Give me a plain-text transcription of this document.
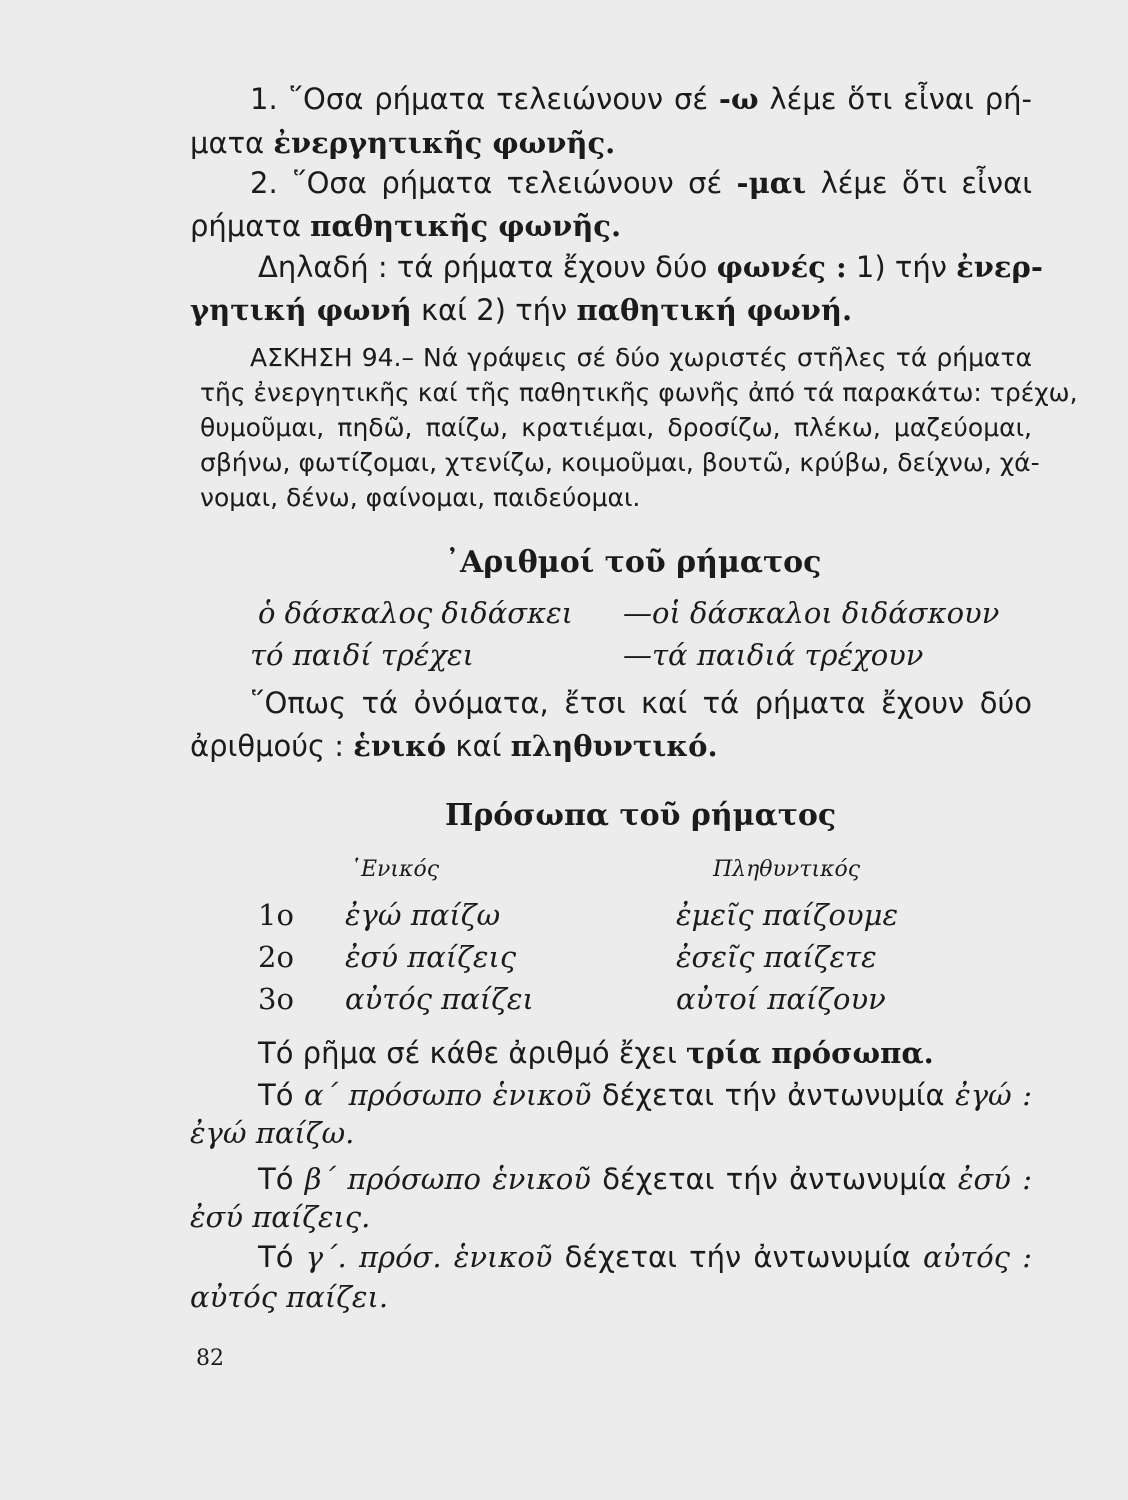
1. ῞Οσα ρήματα τελειώνουν σέ -ω λέμε ὅτι εἶναι ρή-
ματα ἐνεργητικῆς φωνῆς.
2. ῞Οσα ρήματα τελειώνουν σέ -μαι λέμε ὅτι εἶναι
ρήματα παθητικῆς φωνῆς.
Δηλαδή : τά ρήματα ἔχουν δύο φωνές : 1) τήν ἐνερ-
γητική φωνή καί 2) τήν παθητική φωνή.
ΑΣΚΗΣΗ 94.– Νά γράψεις σέ δύο χωριστές στῆλες τά ρήματα
τῆς ἐνεργητικῆς καί τῆς παθητικῆς φωνῆς ἀπό τά παρακάτω: τρέχω,
θυμοῦμαι, πηδῶ, παίζω, κρατιέμαι, δροσίζω, πλέκω, μαζεύομαι,
σβήνω, φωτίζομαι, χτενίζω, κοιμοῦμαι, βουτῶ, κρύβω, δείχνω, χά-
νομαι, δένω, φαίνομαι, παιδεύομαι.
᾿Αριθμοί τοῦ ρήματος
ὁ δάσκαλος διδάσκει —οἱ δάσκαλοι διδάσκουν
τό παιδί τρέχει	—τά παιδιά τρέχουν
῞Οπως τά ὀνόματα, ἔτσι καί τά ρήματα ἔχουν δύο
ἀριθμούς : ἑνικό καί πληθυντικό.
Πρόσωπα τοῦ ρήματος
῾Ενικός	Πληθυντικός
1ο ἐγώ παίζω	ἐμεῖς παίζουμε
2ο ἐσύ παίζεις	ἐσεῖς παίζετε
3ο αὐτός παίζει	αὐτοί παίζουν
Τό ρῆμα σέ κάθε ἀριθμό ἔχει τρία πρόσωπα.
Τό α΄ πρόσωπο ἑνικοῦ δέχεται τήν ἀντωνυμία ἐγώ :
ἐγώ παίζω.
Τό β΄ πρόσωπο ἑνικοῦ δέχεται τήν ἀντωνυμία ἐσύ :
ἐσύ παίζεις.
Τό γ΄. πρόσ. ἑνικοῦ δέχεται τήν ἀντωνυμία αὐτός :
αὐτός παίζει.
82
